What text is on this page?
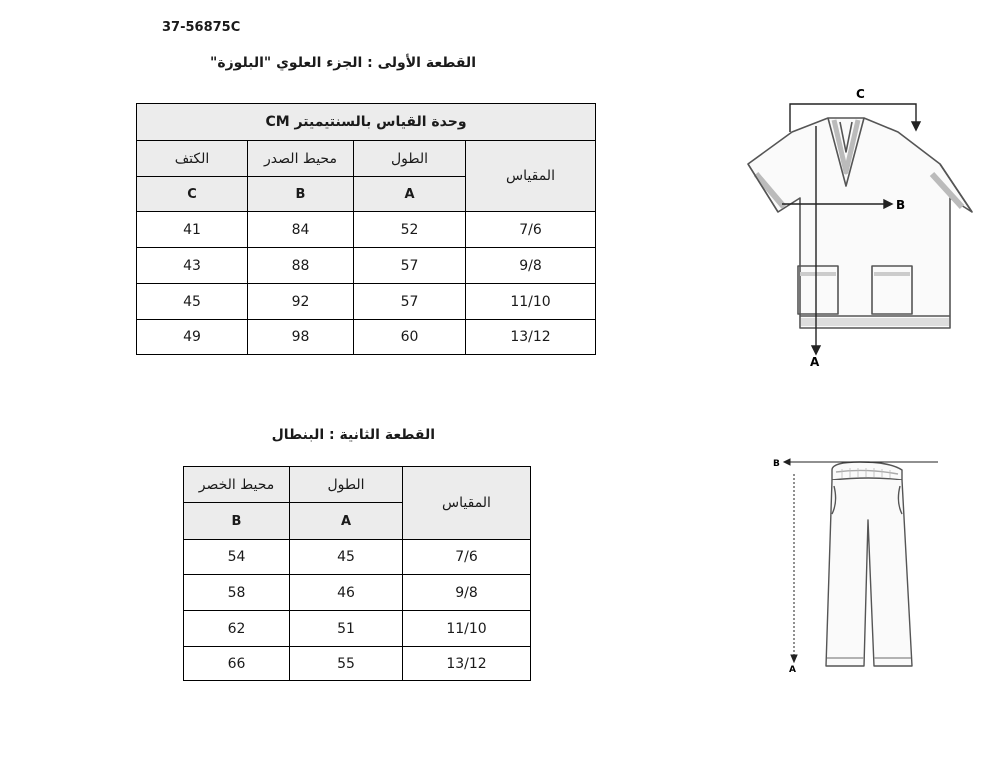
37-56875C
القطعة الأولى : الجزء العلوي "البلوزة"
وحدة القياس بالسنتيميتر CM			
الكتف	محيط الصدر	الطول	المقياس
C	B	A	
41	84	52	7/6
43	88	57	9/8
45	92	57	11/10
49	98	60	13/12
C
B
A
القطعة الثانية : البنطال
محيط الخصر	الطول	المقياس
B	A	
54	45	7/6
58	46	9/8
62	51	11/10
66	55	13/12
B
A
